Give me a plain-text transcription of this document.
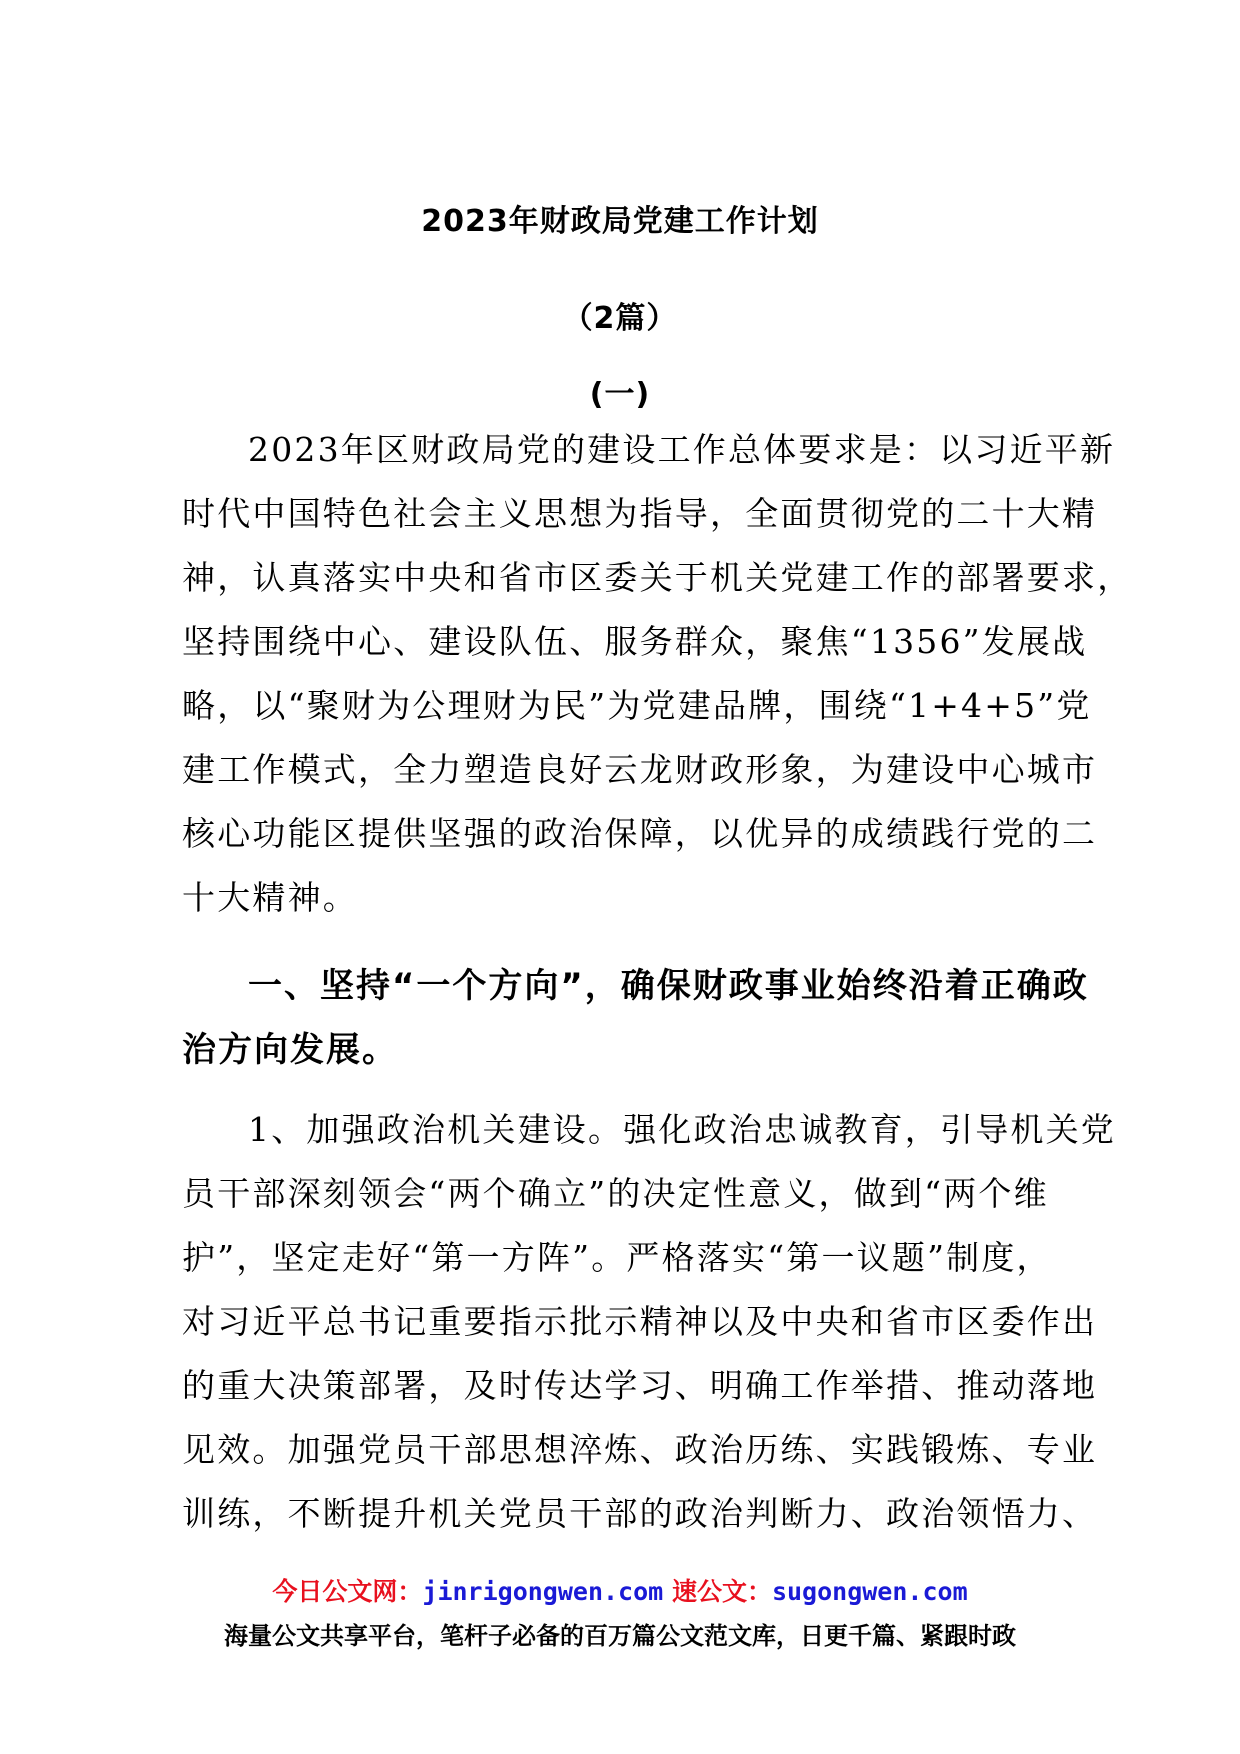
2023年财政局党建工作计划
（2篇）
(一)
2023年区财政局党的建设工作总体要求是：以习近平新
时代中国特色社会主义思想为指导，全面贯彻党的二十大精
神，认真落实中央和省市区委关于机关党建工作的部署要求，
坚持围绕中心、建设队伍、服务群众，聚焦“1356”发展战
略，以“聚财为公理财为民”为党建品牌，围绕“1+4+5”党
建工作模式，全力塑造良好云龙财政形象，为建设中心城市
核心功能区提供坚强的政治保障，以优异的成绩践行党的二
十大精神。
一、坚持“一个方向”，确保财政事业始终沿着正确政
治方向发展。
1、加强政治机关建设。强化政治忠诚教育，引导机关党
员干部深刻领会“两个确立”的决定性意义，做到“两个维
护”，坚定走好“第一方阵”。严格落实“第一议题”制度，
对习近平总书记重要指示批示精神以及中央和省市区委作出
的重大决策部署，及时传达学习、明确工作举措、推动落地
见效。加强党员干部思想淬炼、政治历练、实践锻炼、专业
训练，不断提升机关党员干部的政治判断力、政治领悟力、
今日公文网：jinrigongwen.com 速公文：sugongwen.com
海量公文共享平台，笔杆子必备的百万篇公文范文库，日更千篇、紧跟时政
